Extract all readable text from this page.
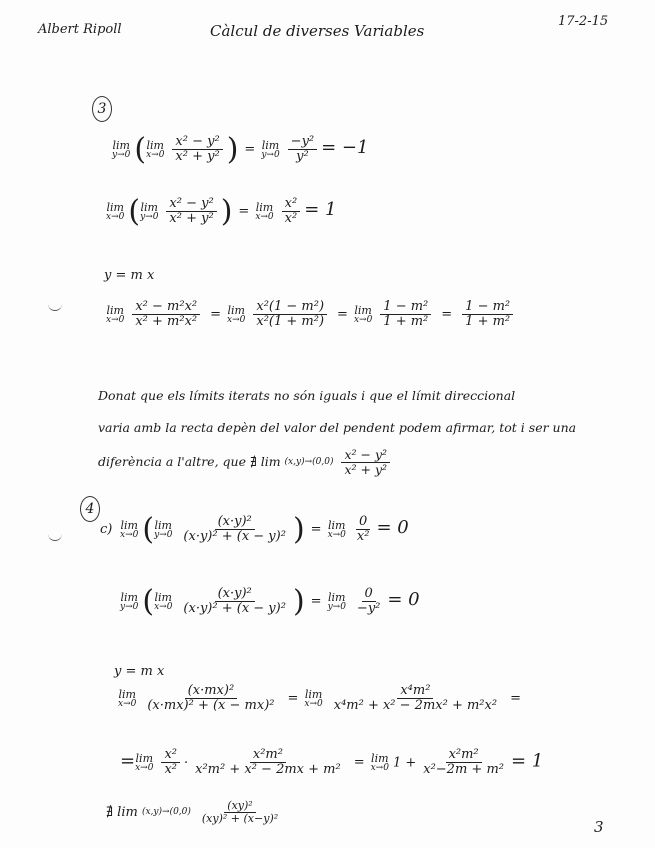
Albert Ripoll	Càlcul de diverses Variables
17-2-15
3
lim
y→0 ( lim
$x\to 0 \frac{\text{x² − y²}}{\text{x² + y²}}$ ) = lim
$y\to 0 \frac{\text{−y²}}{\text{y²}} = -1$
lim
x→0 ( lim
$y\to 0 \frac{\text{x² − y²}}{\text{x² + y²}}$ ) = lim
$x\to 0 \frac{\text{x²}}{\text{x²}} = 1$
y = m x
lim
$x\to 0 \frac{\text{x² − m²x²}}{\text{x² + m²x²}} = \lim$
$x\to 0 \frac{\text{x²(1 − m²)}}{\text{x²(1 + m²)}} = \lim$
$x\to 0 \frac{\text{1 − m²}}{\text{1 + m²}} = \frac{\text{1 − m²}}{\text{1 + m²}}$
Donat que els límits iterats no són iguals i que el límit direccional
varia amb la recta depèn del valor del pendent podem afirmar, tot i ser una
diferència a l'altre, que ∄ $\lim (x,y)\to(0,0) \frac{\text{x² − y²}}{\text{x² + y²}}$
4
c) lim
x→0 ( lim
$y\to 0 \frac{\text{(x·y)²}}{\text{(x·y)² + (x − y)²}}$ ) = lim
$x\to 0 \frac{0}{\text{x²}} = 0$
lim
y→0 ( lim
$x\to 0 \frac{\text{(x·y)²}}{\text{(x·y)² + (x − y)²}}$ ) = lim
$y\to 0 \frac{0}{\text{−y²}} = 0$
y = m x
lim
$x\to 0 \frac{\text{(x·mx)²}}{\text{(x·mx)² + (x − mx)²}} = \lim$
$x\to 0 \frac{\text{x⁴m²}}{\text{x⁴m² + x² − 2mx² + m²x²}}$ =
= lim
$x\to 0 \frac{\text{x²}}{\text{x²}} \cdot \frac{\text{x²m²}}{\text{x²m² + x² − 2mx + m²}} = \lim$
x→0 $1 + \frac{\text{x²m²}}{\text{x²−2m + m²}} = 1$
∄ $\lim (x,y)\to(0,0) \frac{\text{(xy)²}}{\text{(xy)² + (x−y)²}}$
3
